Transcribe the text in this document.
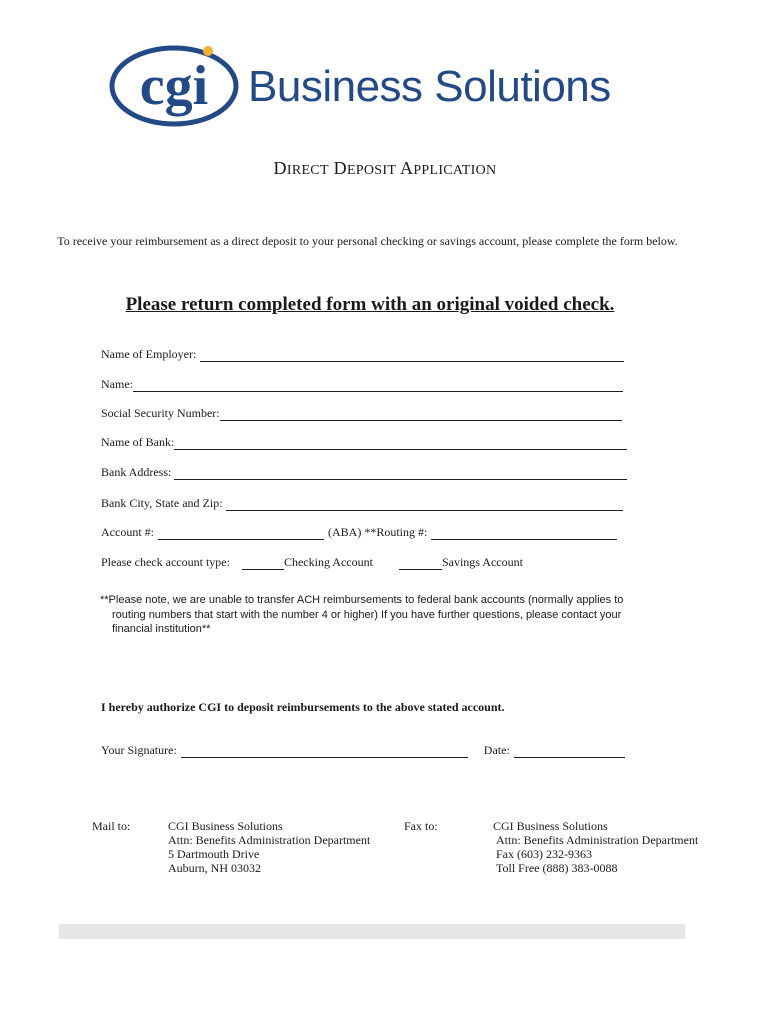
cgi Business Solutions
DIRECT DEPOSIT APPLICATION
To receive your reimbursement as a direct deposit to your personal checking or savings account, please complete the form below.
Please return completed form with an original voided check.
Name of Employer:
Name:
Social Security Number:
Name of Bank:
Bank Address:
Bank City, State and Zip:
Account #:	(ABA) **Routing #:
Please check account type:	Checking Account	Savings Account
**Please note, we are unable to transfer ACH reimbursements to federal bank accounts (normally applies to
routing numbers that start with the number 4 or higher) If you have further questions, please contact your
financial institution**
I hereby authorize CGI to deposit reimbursements to the above stated account.
Your Signature:	Date:
Mail to:	CGI Business Solutions
Attn: Benefits Administration Department
5 Dartmouth Drive
Auburn, NH 03032
Fax to:	CGI Business Solutions
Attn: Benefits Administration Department
Fax (603) 232-9363
Toll Free (888) 383-0088
